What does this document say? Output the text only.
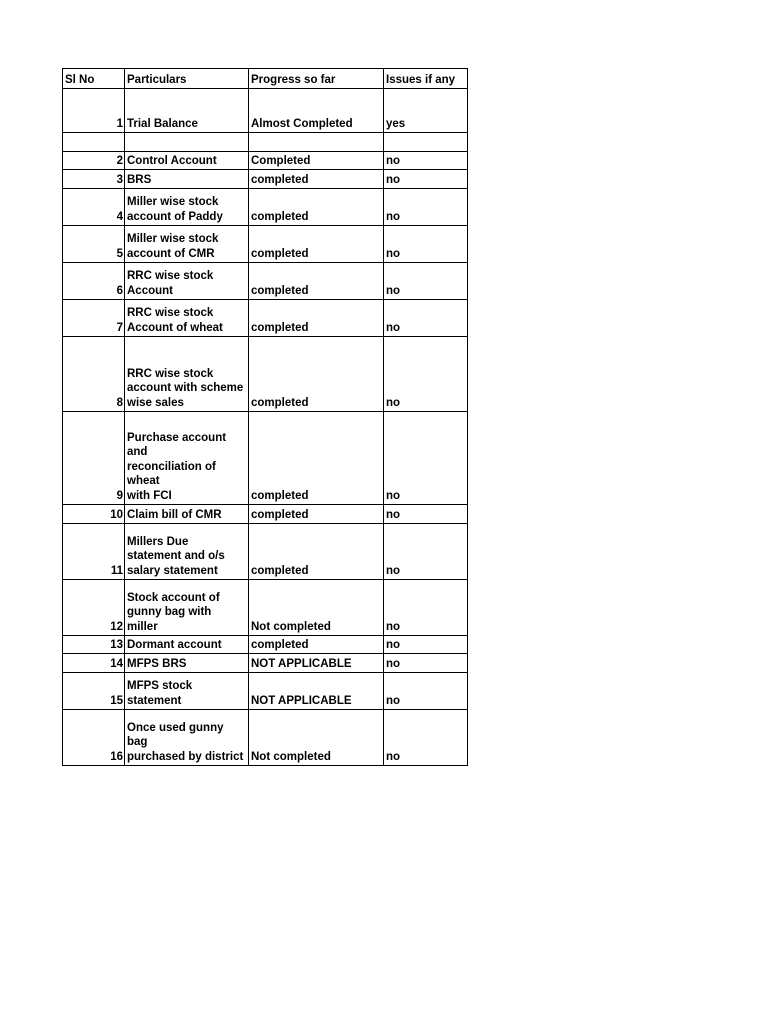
Sl No	Particulars	Progress so far	Issues if any
1	Trial Balance	Almost Completed	yes

2	Control Account	Completed	no
3	BRS	completed	no
4	Miller wise stock
account of Paddy	completed	no
5	Miller wise stock
account of CMR	completed	no
6	RRC wise stock
Account	completed	no
7	RRC wise stock
Account of wheat	completed	no
8	RRC wise stock
account with scheme
wise sales	completed	no
9	Purchase account
and
reconciliation of
wheat
with FCI	completed	no
10	Claim bill of CMR	completed	no
11	Millers Due
statement and o/s
salary statement	completed	no
12	Stock account of
gunny bag with
miller	Not completed	no
13	Dormant account	completed	no
14	MFPS BRS	NOT APPLICABLE	no
15	MFPS stock
statement	NOT APPLICABLE	no
16	Once used gunny bag
purchased by district	Not completed	no
